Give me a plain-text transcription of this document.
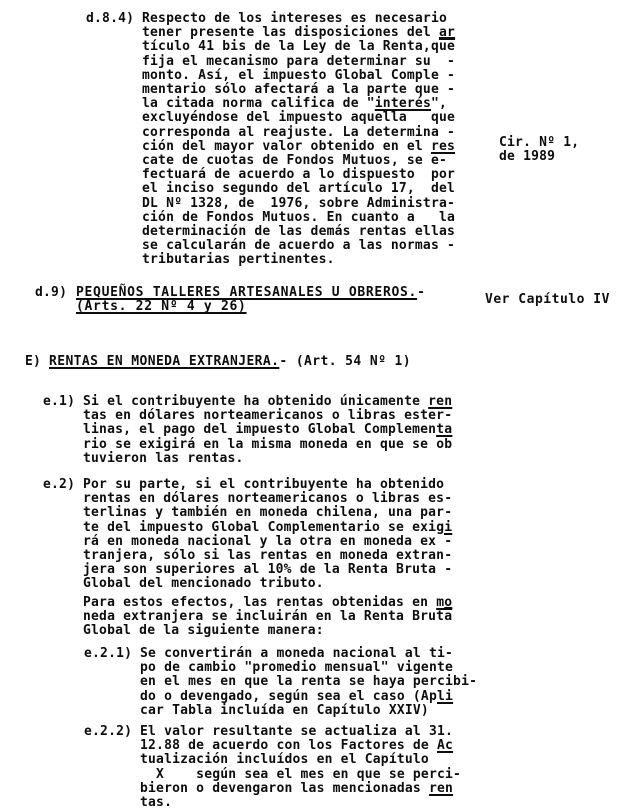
d.8.4) Respecto de los intereses es necesario
tener presente las disposiciones del ar
tículo 41 bis de la Ley de la $Renta,q\overline{ue}$
fija el mecanismo para determinar su  -
monto. Así, el impuesto Global Comple -
mentario sólo afectará a la parte que -
la citada norma califica de "interés",
excluyéndose del impuesto aquella   que
corresponda al reajuste. La determina -
ción del mayor valor obtenido en el res
cate de cuotas de Fondos Mutuos, se e-
fectuará de acuerdo a lo dispuesto  por
el inciso segundo del artículo 17,  del
DL Nº 1328, de  1976, sobre Administra-
ción de Fondos Mutuos. En cuanto a   la
determinación de las demás rentas ellas
se calcularán de acuerdo a las normas -
tributarias pertinentes.
Cir. Nº 1,
de 1989
d.9) PEQUEÑOS TALLERES ARTESANALES U OBREROS.-
(Arts. 22 Nº 4 y 26)	Ver Capítulo IV
E) RENTAS EN MONEDA EXTRANJERA.- (Art. 54 Nº 1)
e.1) Si el contribuyente ha obtenido únicamente ren
tas en dólares norteamericanos o libras ester-
linas, el pago del impuesto Global Complementa
rio se exigirá en la misma moneda en que se $\overline{ob}$
tuvieron las rentas.
e.2) Por su parte, si el contribuyente ha obtenido
rentas en dólares norteamericanos o libras es-
terlinas y también en moneda chilena, una par-
te del impuesto Global Complementario se exigi
rá en moneda nacional y la otra en moneda ex -
tranjera, sólo si las rentas en moneda extran-
jera son superiores al 10% de la Renta Bruta -
Global del mencionado tributo.
Para estos efectos, las rentas obtenidas en mo
neda extranjera se incluirán en la Renta $Brut\overline{a}$
Global de la siguiente manera:
e.2.1) Se convertirán a moneda nacional al ti-
po de cambio "promedio mensual" vigente
en el mes en que la renta se haya percibi-
do o devengado, según sea el caso (Apli
car Tabla incluída en Capítulo XXIV)
e.2.2) El valor resultante se actualiza al 31.
12.88 de acuerdo con los Factores de Ac
tualización incluídos en el Capítulo
X    según sea el mes en que se perci-
bieron o devengaron las mencionadas ren
tas.
